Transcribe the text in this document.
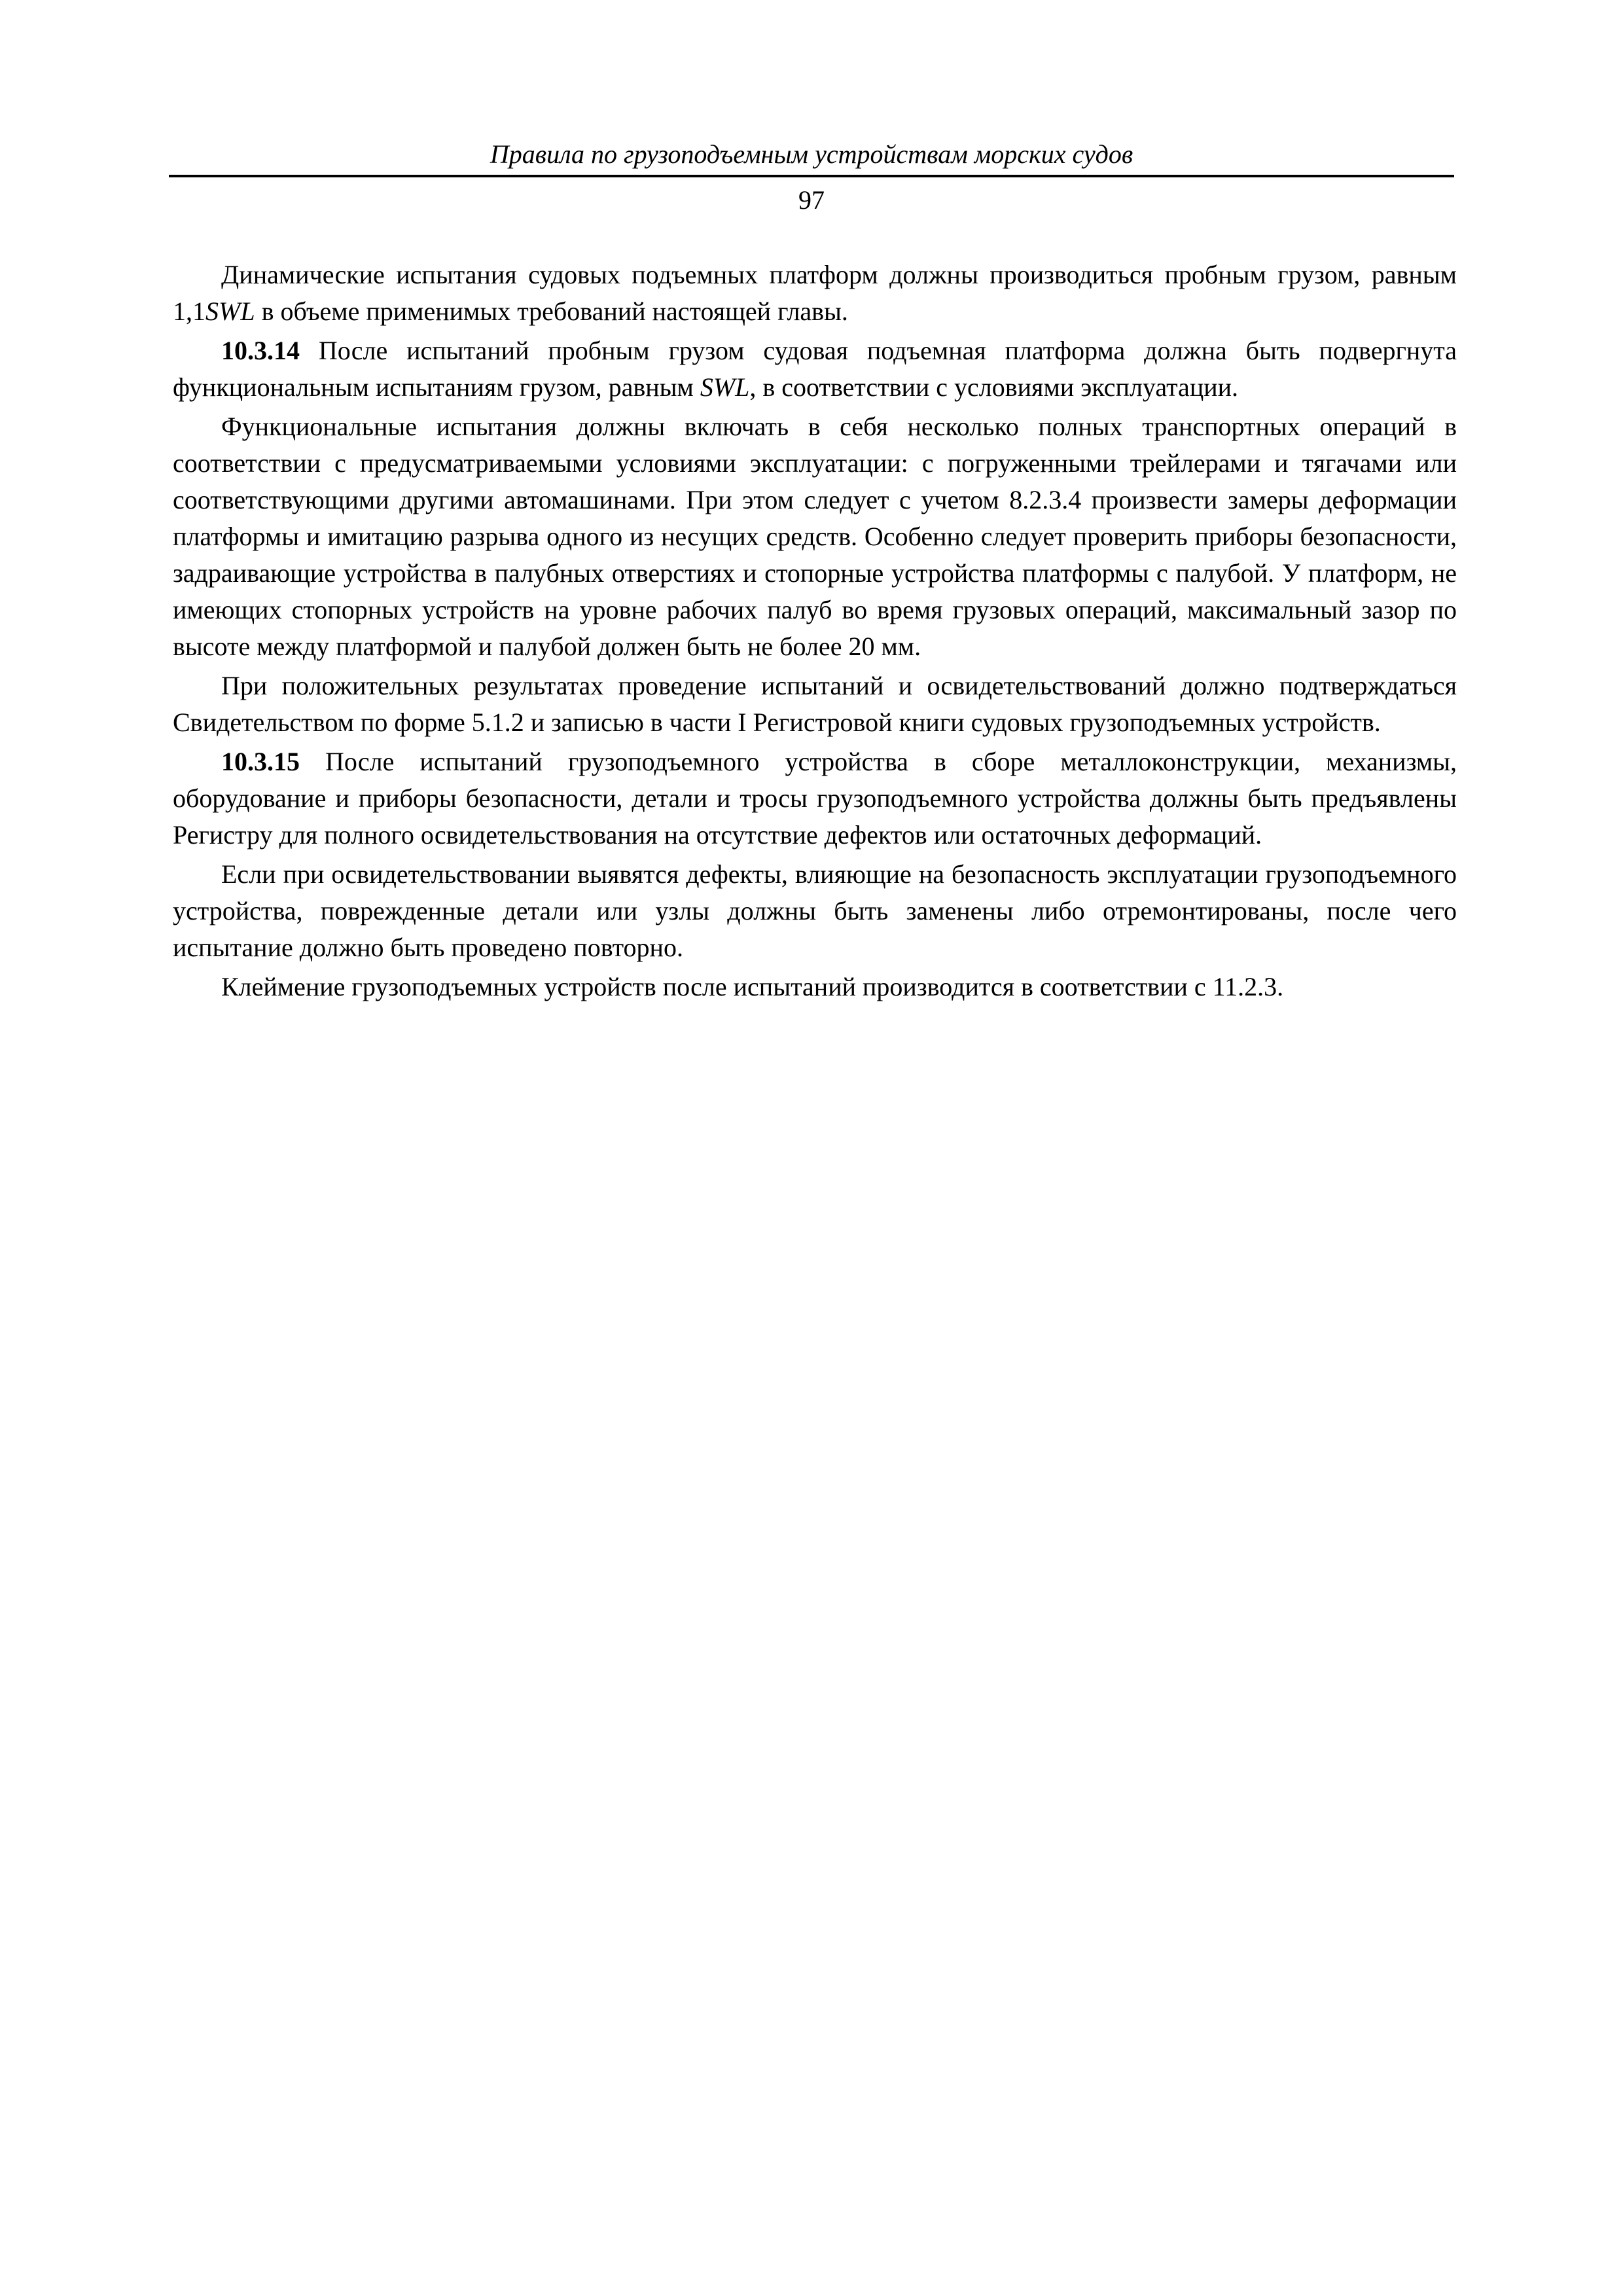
Правила по грузоподъемным устройствам морских судов
97

Динамические испытания судовых подъемных платформ должны производиться пробным грузом, равным 1,1SWL в объеме применимых требований настоящей главы.

10.3.14 После испытаний пробным грузом судовая подъемная платформа должна быть подвергнута функциональным испытаниям грузом, равным SWL, в соответствии с условиями эксплуатации.

Функциональные испытания должны включать в себя несколько полных транспортных операций в соответствии с предусматриваемыми условиями эксплуатации: с погруженными трейлерами и тягачами или соответствующими другими автомашинами. При этом следует с учетом 8.2.3.4 произвести замеры деформации платформы и имитацию разрыва одного из несущих средств. Особенно следует проверить приборы безопасности, задраивающие устройства в палубных отверстиях и стопорные устройства платформы с палубой. У платформ, не имеющих стопорных устройств на уровне рабочих палуб во время грузовых операций, максимальный зазор по высоте между платформой и палубой должен быть не более 20 мм.

При положительных результатах проведение испытаний и освидетельствований должно подтверждаться Свидетельством по форме 5.1.2 и записью в части I Регистровой книги судовых грузоподъемных устройств.

10.3.15 После испытаний грузоподъемного устройства в сборе металлоконструкции, механизмы, оборудование и приборы безопасности, детали и тросы грузоподъемного устройства должны быть предъявлены Регистру для полного освидетельствования на отсутствие дефектов или остаточных деформаций.

Если при освидетельствовании выявятся дефекты, влияющие на безопасность эксплуатации грузоподъемного устройства, поврежденные детали или узлы должны быть заменены либо отремонтированы, после чего испытание должно быть проведено повторно.

Клеймение грузоподъемных устройств после испытаний производится в соответствии с 11.2.3.
